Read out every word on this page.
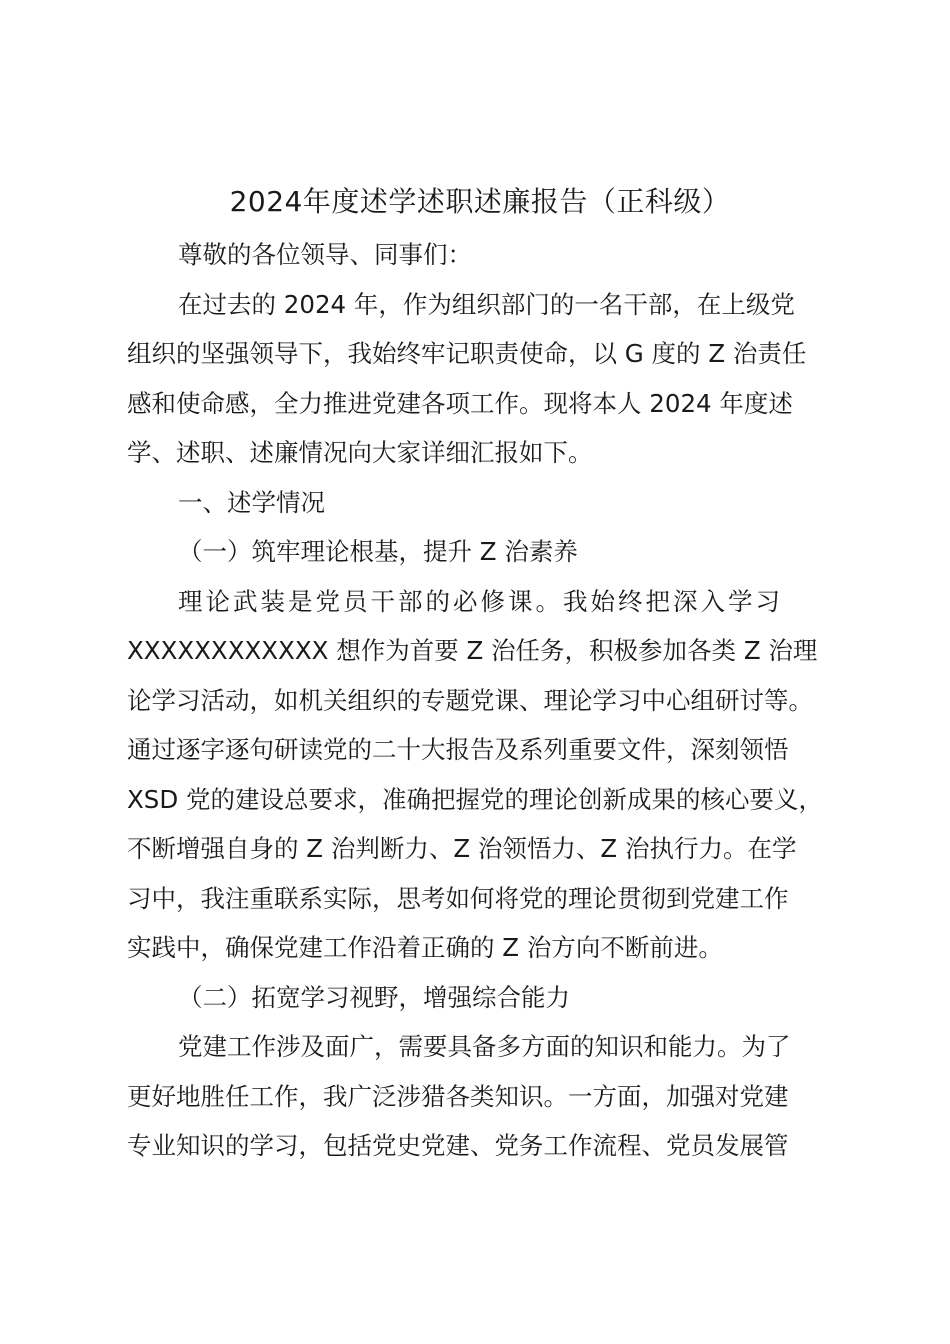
2024年度述学述职述廉报告（正科级）
尊敬的各位领导、同事们：
在过去的 2024 年，作为组织部门的一名干部，在上级党
组织的坚强领导下，我始终牢记职责使命，以 G 度的 Z 治责任
感和使命感，全力推进党建各项工作。现将本人 2024 年度述
学、述职、述廉情况向大家详细汇报如下。
一、述学情况
（一）筑牢理论根基，提升 Z 治素养
理论武装是党员干部的必修课。我始终把深入学习
XXXXXXXXXXXX 想作为首要 Z 治任务，积极参加各类 Z 治理
论学习活动，如机关组织的专题党课、理论学习中心组研讨等。
通过逐字逐句研读党的二十大报告及系列重要文件，深刻领悟
XSD 党的建设总要求，准确把握党的理论创新成果的核心要义，
不断增强自身的 Z 治判断力、Z 治领悟力、Z 治执行力。在学
习中，我注重联系实际，思考如何将党的理论贯彻到党建工作
实践中，确保党建工作沿着正确的 Z 治方向不断前进。
（二）拓宽学习视野，增强综合能力
党建工作涉及面广，需要具备多方面的知识和能力。为了
更好地胜任工作，我广泛涉猎各类知识。一方面，加强对党建
专业知识的学习，包括党史党建、党务工作流程、党员发展管
